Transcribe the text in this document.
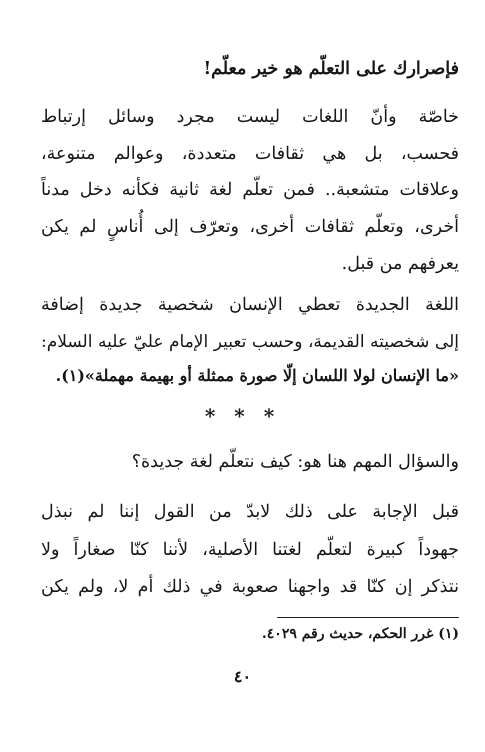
فإصرارك على التعلّم هو خير معلّم!
خاصّة وأنّ اللغات ليست مجرد وسائل إرتباط
فحسب، بل هي ثقافات متعددة، وعوالم متنوعة،
وعلاقات متشعبة.. فمن تعلّم لغة ثانية فكأنه دخل مدناً
أخرى، وتعلّم ثقافات أخرى، وتعرّف إلى أُناسٍ لم يكن
يعرفهم من قبل.
اللغة الجديدة تعطي الإنسان شخصية جديدة إضافة
إلى شخصيته القديمة، وحسب تعبير الإمام عليّ عليه السلام:
«ما الإنسان لولا اللسان إلّا صورة ممثلة أو بهيمة مهملة»(١).
* * *
والسؤال المهم هنا هو: كيف نتعلّم لغة جديدة؟
قبل الإجابة على ذلك لابدّ من القول إننا لم نبذل
جهوداً كبيرة لتعلّم لغتنا الأصلية، لأننا كنّا صغاراً ولا
نتذكر إن كنّا قد واجهنا صعوبة في ذلك أم لا، ولم يكن
(١) غرر الحكم، حديث رقم ٤٠٢٩.
٤٠
